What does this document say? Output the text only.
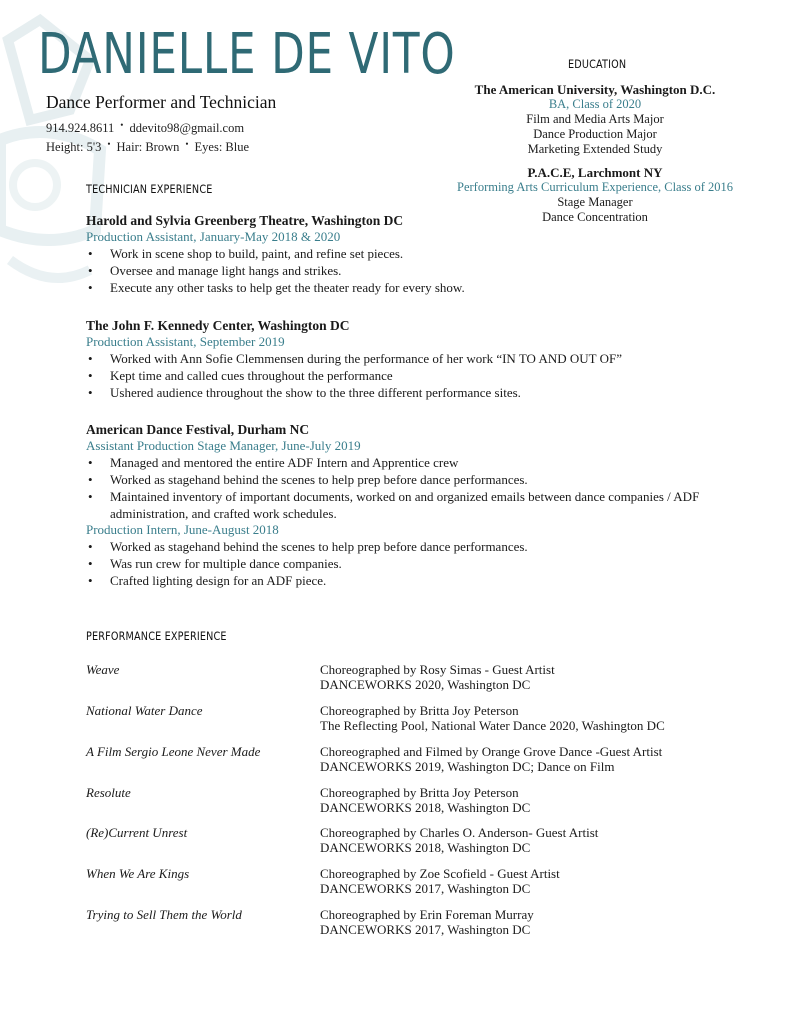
DANIELLE DE VITO
Dance Performer and Technician
914.924.8611 • ddevito98@gmail.com
Height: 5'3 • Hair: Brown • Eyes: Blue
EDUCATION
The American University, Washington D.C.
BA, Class of 2020
Film and Media Arts Major
Dance Production Major
Marketing Extended Study
P.A.C.E, Larchmont NY
Performing Arts Curriculum Experience, Class of 2016
Stage Manager
Dance Concentration
TECHNICIAN EXPERIENCE
Harold and Sylvia Greenberg Theatre, Washington DC
Production Assistant, January-May 2018 & 2020
• Work in scene shop to build, paint, and refine set pieces.
• Oversee and manage light hangs and strikes.
• Execute any other tasks to help get the theater ready for every show.
The John F. Kennedy Center, Washington DC
Production Assistant, September 2019
• Worked with Ann Sofie Clemmensen during the performance of her work “IN TO AND OUT OF”
• Kept time and called cues throughout the performance
• Ushered audience throughout the show to the three different performance sites.
American Dance Festival, Durham NC
Assistant Production Stage Manager, June-July 2019
• Managed and mentored the entire ADF Intern and Apprentice crew
• Worked as stagehand behind the scenes to help prep before dance performances.
• Maintained inventory of important documents, worked on and organized emails between dance companies / ADF administration, and crafted work schedules.
Production Intern, June-August 2018
• Worked as stagehand behind the scenes to help prep before dance performances.
• Was run crew for multiple dance companies.
• Crafted lighting design for an ADF piece.
PERFORMANCE EXPERIENCE
Weave	Choreographed by Rosy Simas - Guest Artist
DANCEWORKS 2020, Washington DC
National Water Dance	Choreographed by Britta Joy Peterson
The Reflecting Pool, National Water Dance 2020, Washington DC
A Film Sergio Leone Never Made	Choreographed and Filmed by Orange Grove Dance -Guest Artist
DANCEWORKS 2019, Washington DC; Dance on Film
Resolute	Choreographed by Britta Joy Peterson
DANCEWORKS 2018, Washington DC
(Re)Current Unrest	Choreographed by Charles O. Anderson- Guest Artist
DANCEWORKS 2018, Washington DC
When We Are Kings	Choreographed by Zoe Scofield - Guest Artist
DANCEWORKS 2017, Washington DC
Trying to Sell Them the World	Choreographed by Erin Foreman Murray
DANCEWORKS 2017, Washington DC
